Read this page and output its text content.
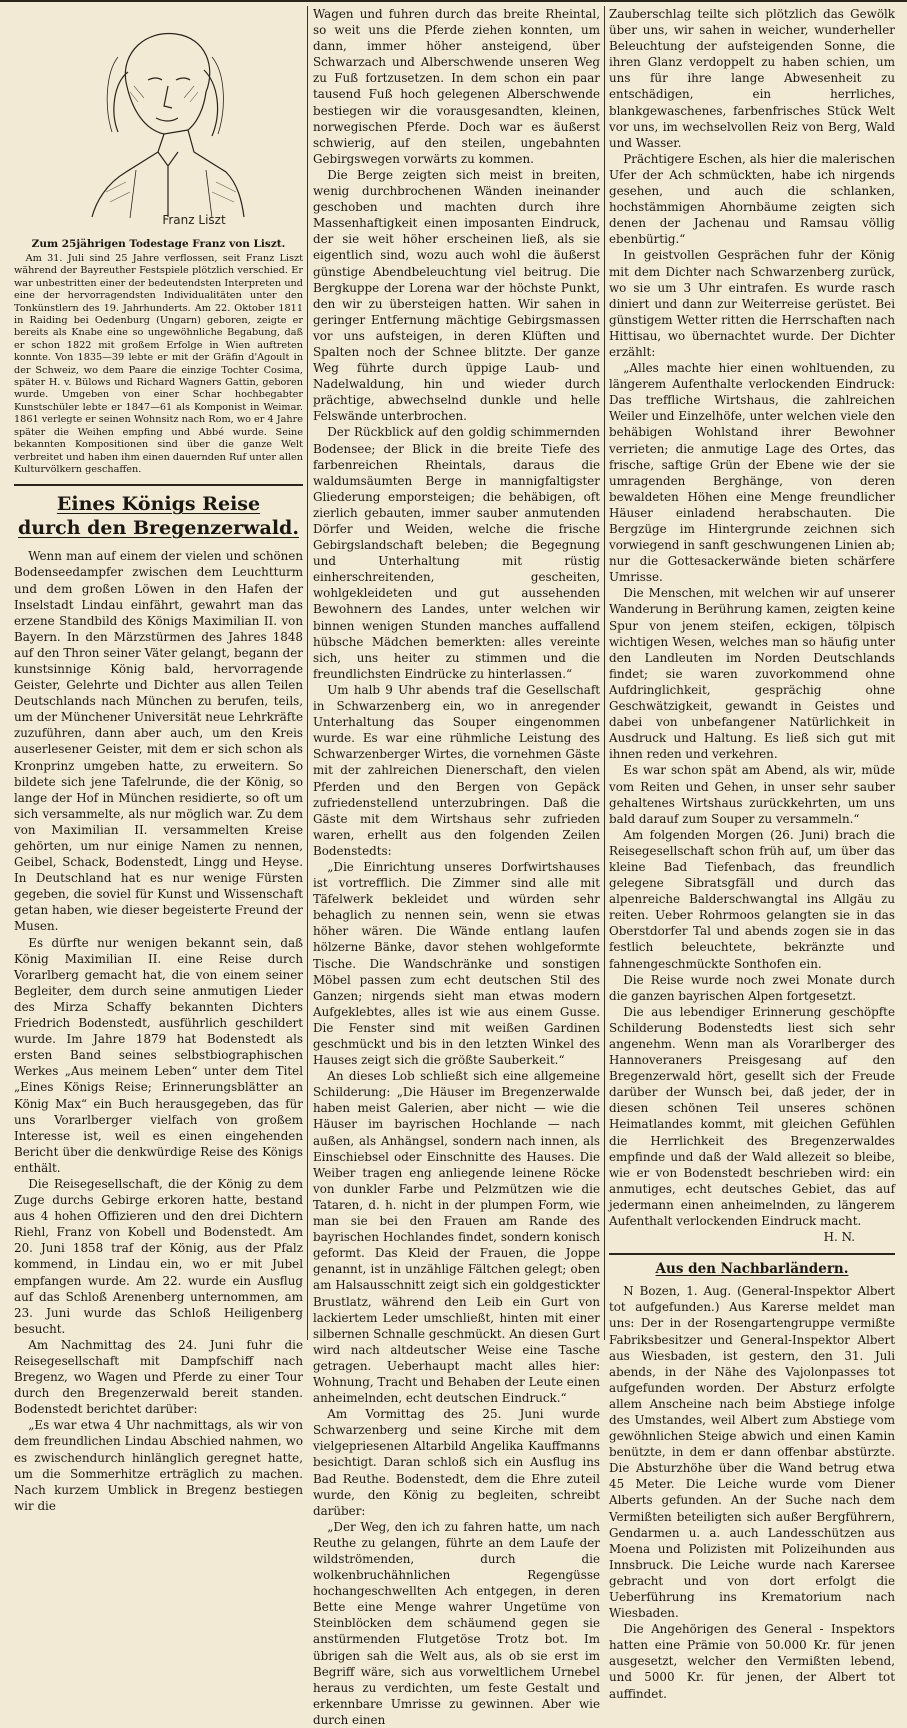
Franz Liszt
Zum 25jährigen Todestage Franz von Liszt.

Am 31. Juli sind 25 Jahre verflossen, seit Franz Liszt während der Bayreuther Festspiele plötzlich verschied. Er war unbestritten einer der bedeutendsten Interpreten und eine der hervorragendsten Individualitäten unter den Tonkünstlern des 19. Jahrhunderts. Am 22. Oktober 1811 in Raiding bei Oedenburg (Ungarn) geboren, zeigte er bereits als Knabe eine so ungewöhnliche Begabung, daß er schon 1822 mit großem Erfolge in Wien auftreten konnte. Von 1835—39 lebte er mit der Gräfin d'Agoult in der Schweiz, wo dem Paare die einzige Tochter Cosima, später H. v. Bülows und Richard Wagners Gattin, geboren wurde. Umgeben von einer Schar hochbegabter Kunstschüler lebte er 1847—61 als Komponist in Weimar. 1861 verlegte er seinen Wohnsitz nach Rom, wo er 4 Jahre später die Weihen empfing und Abbé wurde. Seine bekannten Kompositionen sind über die ganze Welt verbreitet und haben ihm einen dauernden Ruf unter allen Kulturvölkern geschaffen.

Eines Königs Reise
durch den Bregenzerwald.

Wenn man auf einem der vielen und schönen Bodenseedampfer zwischen dem Leuchtturm und dem großen Löwen in den Hafen der Inselstadt Lindau einfährt, gewahrt man das erzene Standbild des Königs Maximilian II. von Bayern. In den Märzstürmen des Jahres 1848 auf den Thron seiner Väter gelangt, begann der kunstsinnige König bald, hervorragende Geister, Gelehrte und Dichter aus allen Teilen Deutschlands nach München zu berufen, teils, um der Münchener Universität neue Lehrkräfte zuzuführen, dann aber auch, um den Kreis auserlesener Geister, mit dem er sich schon als Kronprinz umgeben hatte, zu erweitern. So bildete sich jene Tafelrunde, die der König, so lange der Hof in München residierte, so oft um sich versammelte, als nur möglich war. Zu dem von Maximilian II. versammelten Kreise gehörten, um nur einige Namen zu nennen, Geibel, Schack, Bodenstedt, Lingg und Heyse. In Deutschland hat es nur wenige Fürsten gegeben, die soviel für Kunst und Wissenschaft getan haben, wie dieser begeisterte Freund der Musen.

Es dürfte nur wenigen bekannt sein, daß König Maximilian II. eine Reise durch Vorarlberg gemacht hat, die von einem seiner Begleiter, dem durch seine anmutigen Lieder des Mirza Schaffy bekannten Dichters Friedrich Bodenstedt, ausführlich geschildert wurde. Im Jahre 1879 hat Bodenstedt als ersten Band seines selbstbiographischen Werkes „Aus meinem Leben“ unter dem Titel „Eines Königs Reise; Erinnerungsblätter an König Max“ ein Buch herausgegeben, das für uns Vorarlberger vielfach von großem Interesse ist, weil es einen eingehenden Bericht über die denkwürdige Reise des Königs enthält.

Die Reisegesellschaft, die der König zu dem Zuge durchs Gebirge erkoren hatte, bestand aus 4 hohen Offizieren und den drei Dichtern Riehl, Franz von Kobell und Bodenstedt. Am 20. Juni 1858 traf der König, aus der Pfalz kommend, in Lindau ein, wo er mit Jubel empfangen wurde. Am 22. wurde ein Ausflug auf das Schloß Arenenberg unternommen, am 23. Juni wurde das Schloß Heiligenberg besucht.

Am Nachmittag des 24. Juni fuhr die Reisegesellschaft mit Dampfschiff nach Bregenz, wo Wagen und Pferde zu einer Tour durch den Bregenzerwald bereit standen. Bodenstedt berichtet darüber:

„Es war etwa 4 Uhr nachmittags, als wir von dem freundlichen Lindau Abschied nahmen, wo es zwischendurch hinlänglich geregnet hatte, um die Sommerhitze erträglich zu machen. Nach kurzem Umblick in Bregenz bestiegen wir die

Wagen und fuhren durch das breite Rheintal, so weit uns die Pferde ziehen konnten, um dann, immer höher ansteigend, über Schwarzach und Alberschwende unseren Weg zu Fuß fortzusetzen. In dem schon ein paar tausend Fuß hoch gelegenen Alberschwende bestiegen wir die vorausgesandten, kleinen, norwegischen Pferde. Doch war es äußerst schwierig, auf den steilen, ungebahnten Gebirgswegen vorwärts zu kommen.

Die Berge zeigten sich meist in breiten, wenig durchbrochenen Wänden ineinander geschoben und machten durch ihre Massenhaftigkeit einen imposanten Eindruck, der sie weit höher erscheinen ließ, als sie eigentlich sind, wozu auch wohl die äußerst günstige Abendbeleuchtung viel beitrug. Die Bergkuppe der Lorena war der höchste Punkt, den wir zu übersteigen hatten. Wir sahen in geringer Entfernung mächtige Gebirgsmassen vor uns aufsteigen, in deren Klüften und Spalten noch der Schnee blitzte. Der ganze Weg führte durch üppige Laub- und Nadelwaldung, hin und wieder durch prächtige, abwechselnd dunkle und helle Felswände unterbrochen.

Der Rückblick auf den goldig schimmernden Bodensee; der Blick in die breite Tiefe des farbenreichen Rheintals, daraus die waldumsäumten Berge in mannigfaltigster Gliederung emporsteigen; die behäbigen, oft zierlich gebauten, immer sauber anmutenden Dörfer und Weiden, welche die frische Gebirgslandschaft beleben; die Begegnung und Unterhaltung mit rüstig einherschreitenden, gescheiten, wohlgekleideten und gut aussehenden Bewohnern des Landes, unter welchen wir binnen wenigen Stunden manches auffallend hübsche Mädchen bemerkten: alles vereinte sich, uns heiter zu stimmen und die freundlichsten Eindrücke zu hinterlassen.“

Um halb 9 Uhr abends traf die Gesellschaft in Schwarzenberg ein, wo in anregender Unterhaltung das Souper eingenommen wurde. Es war eine rühmliche Leistung des Schwarzenberger Wirtes, die vornehmen Gäste mit der zahlreichen Dienerschaft, den vielen Pferden und den Bergen von Gepäck zufriedenstellend unterzubringen. Daß die Gäste mit dem Wirtshaus sehr zufrieden waren, erhellt aus den folgenden Zeilen Bodenstedts:

„Die Einrichtung unseres Dorfwirtshauses ist vortrefflich. Die Zimmer sind alle mit Täfelwerk bekleidet und würden sehr behaglich zu nennen sein, wenn sie etwas höher wären. Die Wände entlang laufen hölzerne Bänke, davor stehen wohlgeformte Tische. Die Wandschränke und sonstigen Möbel passen zum echt deutschen Stil des Ganzen; nirgends sieht man etwas modern Aufgeklebtes, alles ist wie aus einem Gusse. Die Fenster sind mit weißen Gardinen geschmückt und bis in den letzten Winkel des Hauses zeigt sich die größte Sauberkeit.“

An dieses Lob schließt sich eine allgemeine Schilderung: „Die Häuser im Bregenzerwalde haben meist Galerien, aber nicht — wie die Häuser im bayrischen Hochlande — nach außen, als Anhängsel, sondern nach innen, als Einschiebsel oder Einschnitte des Hauses. Die Weiber tragen eng anliegende leinene Röcke von dunkler Farbe und Pelzmützen wie die Tataren, d. h. nicht in der plumpen Form, wie man sie bei den Frauen am Rande des bayrischen Hochlandes findet, sondern konisch geformt. Das Kleid der Frauen, die Joppe genannt, ist in unzählige Fältchen gelegt; oben am Halsausschnitt zeigt sich ein goldgestickter Brustlatz, während den Leib ein Gurt von lackiertem Leder umschließt, hinten mit einer silbernen Schnalle geschmückt. An diesen Gurt wird nach altdeutscher Weise eine Tasche getragen. Ueberhaupt macht alles hier: Wohnung, Tracht und Behaben der Leute einen anheimelnden, echt deutschen Eindruck.“

Am Vormittag des 25. Juni wurde Schwarzenberg und seine Kirche mit dem vielgepriesenen Altarbild Angelika Kauffmanns besichtigt. Daran schloß sich ein Ausflug ins Bad Reuthe. Bodenstedt, dem die Ehre zuteil wurde, den König zu begleiten, schreibt darüber:

„Der Weg, den ich zu fahren hatte, um nach Reuthe zu gelangen, führte an dem Laufe der wildströmenden, durch die wolkenbruchähnlichen Regengüsse hochangeschwellten Ach entgegen, in deren Bette eine Menge wahrer Ungetüme von Steinblöcken dem schäumend gegen sie anstürmenden Flutgetöse Trotz bot. Im übrigen sah die Welt aus, als ob sie erst im Begriff wäre, sich aus vorweltlichem Urnebel heraus zu verdichten, um feste Gestalt und erkennbare Umrisse zu gewinnen. Aber wie durch einen

Zauberschlag teilte sich plötzlich das Gewölk über uns, wir sahen in weicher, wunderheller Beleuchtung der aufsteigenden Sonne, die ihren Glanz verdoppelt zu haben schien, um uns für ihre lange Abwesenheit zu entschädigen, ein herrliches, blankgewaschenes, farbenfrisches Stück Welt vor uns, im wechselvollen Reiz von Berg, Wald und Wasser.

Prächtigere Eschen, als hier die malerischen Ufer der Ach schmückten, habe ich nirgends gesehen, und auch die schlanken, hochstämmigen Ahornbäume zeigten sich denen der Jachenau und Ramsau völlig ebenbürtig.“

In geistvollen Gesprächen fuhr der König mit dem Dichter nach Schwarzenberg zurück, wo sie um 3 Uhr eintrafen. Es wurde rasch diniert und dann zur Weiterreise gerüstet. Bei günstigem Wetter ritten die Herrschaften nach Hittisau, wo übernachtet wurde. Der Dichter erzählt:

„Alles machte hier einen wohltuenden, zu längerem Aufenthalte verlockenden Eindruck: Das treffliche Wirtshaus, die zahlreichen Weiler und Einzelhöfe, unter welchen viele den behäbigen Wohlstand ihrer Bewohner verrieten; die anmutige Lage des Ortes, das frische, saftige Grün der Ebene wie der sie umragenden Berghänge, von deren bewaldeten Höhen eine Menge freundlicher Häuser einladend herabschauten. Die Bergzüge im Hintergrunde zeichnen sich vorwiegend in sanft geschwungenen Linien ab; nur die Gottesackerwände bieten schärfere Umrisse.

Die Menschen, mit welchen wir auf unserer Wanderung in Berührung kamen, zeigten keine Spur von jenem steifen, eckigen, tölpisch wichtigen Wesen, welches man so häufig unter den Landleuten im Norden Deutschlands findet; sie waren zuvorkommend ohne Aufdringlichkeit, gesprächig ohne Geschwätzigkeit, gewandt in Geistes und dabei von unbefangener Natürlichkeit in Ausdruck und Haltung. Es ließ sich gut mit ihnen reden und verkehren.

Es war schon spät am Abend, als wir, müde vom Reiten und Gehen, in unser sehr sauber gehaltenes Wirtshaus zurückkehrten, um uns bald darauf zum Souper zu versammeln.“

Am folgenden Morgen (26. Juni) brach die Reisegesellschaft schon früh auf, um über das kleine Bad Tiefenbach, das freundlich gelegene Sibratsgfäll und durch das alpenreiche Balderschwangtal ins Allgäu zu reiten. Ueber Rohrmoos gelangten sie in das Oberstdorfer Tal und abends zogen sie in das festlich beleuchtete, bekränzte und fahnengeschmückte Sonthofen ein.

Die Reise wurde noch zwei Monate durch die ganzen bayrischen Alpen fortgesetzt.

Die aus lebendiger Erinnerung geschöpfte Schilderung Bodenstedts liest sich sehr angenehm. Wenn man als Vorarlberger des Hannoveraners Preisgesang auf den Bregenzerwald hört, gesellt sich der Freude darüber der Wunsch bei, daß jeder, der in diesen schönen Teil unseres schönen Heimatlandes kommt, mit gleichen Gefühlen die Herrlichkeit des Bregenzerwaldes empfinde und daß der Wald allezeit so bleibe, wie er von Bodenstedt beschrieben wird: ein anmutiges, echt deutsches Gebiet, das auf jedermann einen anheimelnden, zu längerem Aufenthalt verlockenden Eindruck macht.

H. N.
Aus den Nachbarländern.

N Bozen, 1. Aug. (General-Inspektor Albert tot aufgefunden.) Aus Karerse meldet man uns: Der in der Rosengartengruppe vermißte Fabriksbesitzer und General-Inspektor Albert aus Wiesbaden, ist gestern, den 31. Juli abends, in der Nähe des Vajolonpasses tot aufgefunden worden. Der Absturz erfolgte allem Anscheine nach beim Abstiege infolge des Umstandes, weil Albert zum Abstiege vom gewöhnlichen Steige abwich und einen Kamin benützte, in dem er dann offenbar abstürzte. Die Absturzhöhe über die Wand betrug etwa 45 Meter. Die Leiche wurde vom Diener Alberts gefunden. An der Suche nach dem Vermißten beteiligten sich außer Bergführern, Gendarmen u. a. auch Landesschützen aus Moena und Polizisten mit Polizeihunden aus Innsbruck. Die Leiche wurde nach Karersee gebracht und von dort erfolgt die Ueberführung ins Krematorium nach Wiesbaden.

Die Angehörigen des General - Inspektors hatten eine Prämie von 50.000 Kr. für jenen ausgesetzt, welcher den Vermißten lebend, und 5000 Kr. für jenen, der Albert tot auffindet.
